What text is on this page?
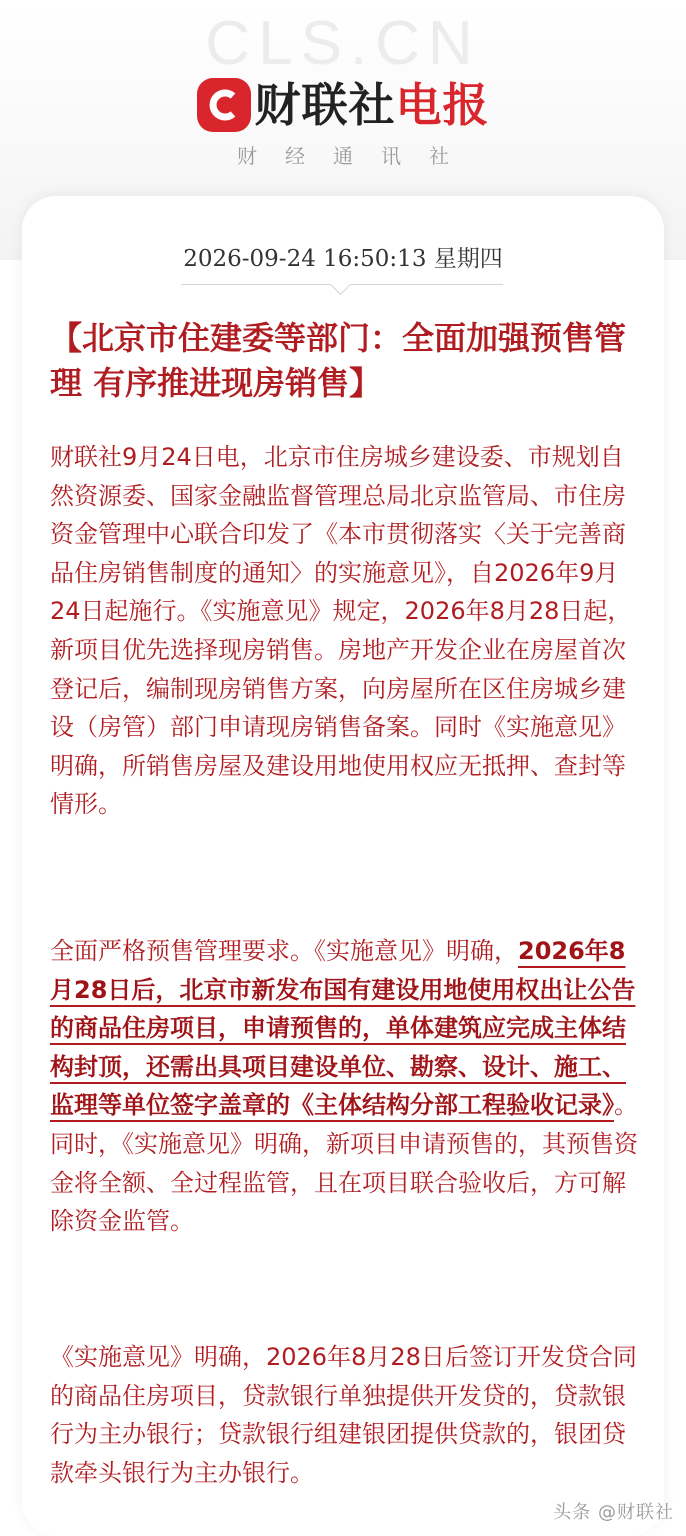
CLS.CN
财联社电报
财经通讯社
2026-09-24 16:50:13 星期四
【北京市住建委等部门：全面加强预售管理 有序推进现房销售】

财联社9月24日电，北京市住房城乡建设委、市规划自然资源委、国家金融监督管理总局北京监管局、市住房资金管理中心联合印发了《本市贯彻落实〈关于完善商品住房销售制度的通知〉的实施意见》，自2026年9月24日起施行。《实施意见》规定，2026年8月28日起，新项目优先选择现房销售。房地产开发企业在房屋首次登记后，编制现房销售方案，向房屋所在区住房城乡建设（房管）部门申请现房销售备案。同时《实施意见》明确，所销售房屋及建设用地使用权应无抵押、查封等情形。

全面严格预售管理要求。《实施意见》明确，2026年8月28日后，北京市新发布国有建设用地使用权出让公告的商品住房项目，申请预售的，单体建筑应完成主体结构封顶，还需出具项目建设单位、勘察、设计、施工、监理等单位签字盖章的《主体结构分部工程验收记录》。同时，《实施意见》明确，新项目申请预售的，其预售资金将全额、全过程监管，且在项目联合验收后，方可解除资金监管。

《实施意见》明确，2026年8月28日后签订开发贷合同的商品住房项目，贷款银行单独提供开发贷的，贷款银行为主办银行；贷款银行组建银团提供贷款的，银团贷款牵头银行为主办银行。

头条 @财联社
